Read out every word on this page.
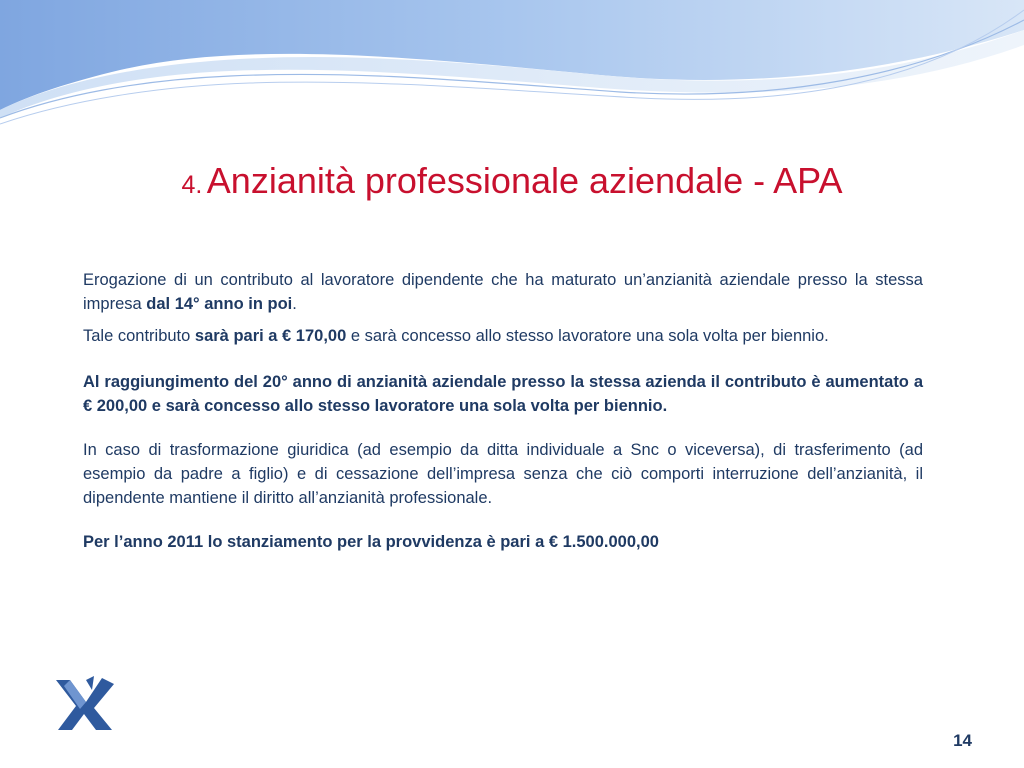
4. Anzianità professionale aziendale - APA

Erogazione di un contributo al lavoratore dipendente che ha maturato un’anzianità aziendale presso la stessa impresa dal 14° anno in poi.

Tale contributo sarà pari a € 170,00 e sarà concesso allo stesso lavoratore una sola volta per biennio.

Al raggiungimento del 20° anno di anzianità aziendale presso la stessa azienda il contributo è aumentato a € 200,00 e sarà concesso allo stesso lavoratore una sola volta per biennio.

In caso di trasformazione giuridica (ad esempio da ditta individuale a Snc o viceversa), di trasferimento (ad esempio da padre a figlio) e di cessazione dell’impresa senza che ciò comporti interruzione dell’anzianità, il dipendente mantiene il diritto all’anzianità professionale.

Per l’anno 2011 lo stanziamento per la provvidenza è pari a € 1.500.000,00

14
